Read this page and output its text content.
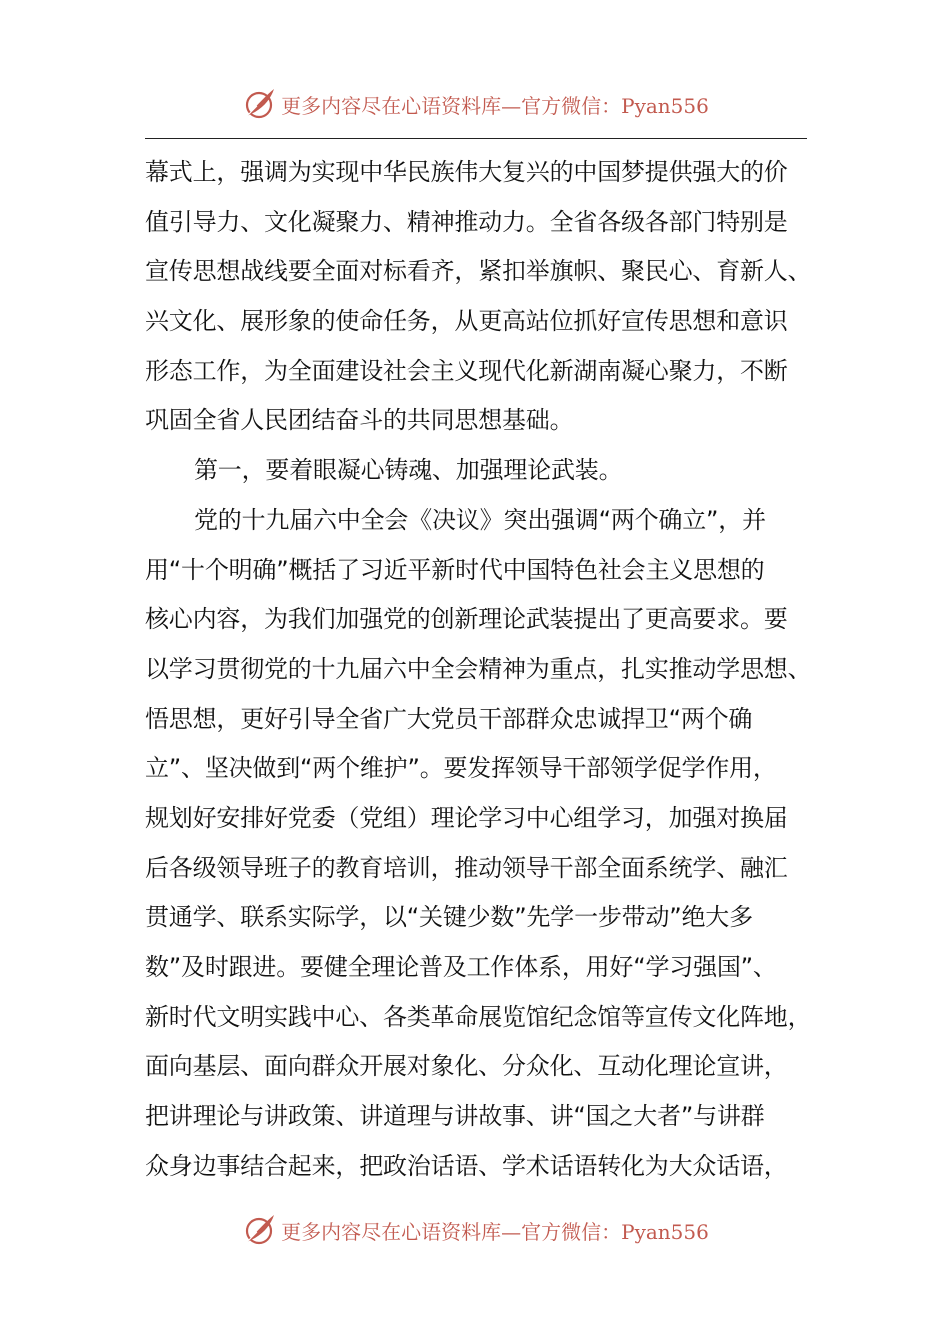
更多内容尽在心语资料库—官方微信：Pyan556
幕式上，强调为实现中华民族伟大复兴的中国梦提供强大的价
值引导力、文化凝聚力、精神推动力。全省各级各部门特别是
宣传思想战线要全面对标看齐，紧扣举旗帜、聚民心、育新人、
兴文化、展形象的使命任务，从更高站位抓好宣传思想和意识
形态工作，为全面建设社会主义现代化新湖南凝心聚力，不断
巩固全省人民团结奋斗的共同思想基础。
第一，要着眼凝心铸魂、加强理论武装。
党的十九届六中全会《决议》突出强调“两个确立”，并
用“十个明确”概括了习近平新时代中国特色社会主义思想的
核心内容，为我们加强党的创新理论武装提出了更高要求。要
以学习贯彻党的十九届六中全会精神为重点，扎实推动学思想、
悟思想，更好引导全省广大党员干部群众忠诚捍卫“两个确
立”、坚决做到“两个维护”。要发挥领导干部领学促学作用，
规划好安排好党委（党组）理论学习中心组学习，加强对换届
后各级领导班子的教育培训，推动领导干部全面系统学、融汇
贯通学、联系实际学，以“关键少数”先学一步带动”绝大多
数”及时跟进。要健全理论普及工作体系，用好“学习强国”、
新时代文明实践中心、各类革命展览馆纪念馆等宣传文化阵地，
面向基层、面向群众开展对象化、分众化、互动化理论宣讲，
把讲理论与讲政策、讲道理与讲故事、讲“国之大者”与讲群
众身边事结合起来，把政治话语、学术话语转化为大众话语，
更多内容尽在心语资料库—官方微信：Pyan556
